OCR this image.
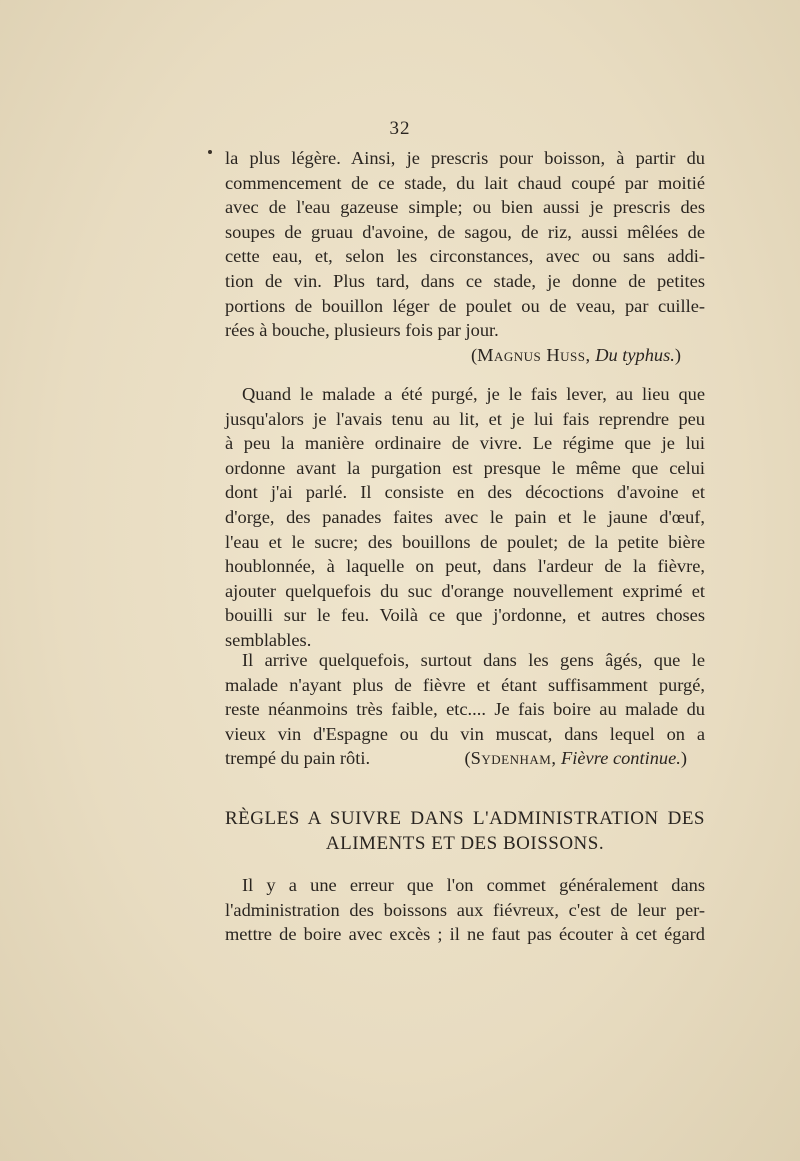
32
la plus légère. Ainsi, je prescris pour boisson, à partir du
commencement de ce stade, du lait chaud coupé par moitié
avec de l'eau gazeuse simple; ou bien aussi je prescris des
soupes de gruau d'avoine, de sagou, de riz, aussi mêlées de
cette eau, et, selon les circonstances, avec ou sans addi-
tion de vin. Plus tard, dans ce stade, je donne de petites
portions de bouillon léger de poulet ou de veau, par cuille-
rées à bouche, plusieurs fois par jour.
(Magnus Huss, Du typhus.)
Quand le malade a été purgé, je le fais lever, au lieu que
jusqu'alors je l'avais tenu au lit, et je lui fais reprendre peu
à peu la manière ordinaire de vivre. Le régime que je lui
ordonne avant la purgation est presque le même que celui
dont j'ai parlé. Il consiste en des décoctions d'avoine et
d'orge, des panades faites avec le pain et le jaune d'œuf,
l'eau et le sucre; des bouillons de poulet; de la petite bière
houblonnée, à laquelle on peut, dans l'ardeur de la fièvre,
ajouter quelquefois du suc d'orange nouvellement exprimé et
bouilli sur le feu. Voilà ce que j'ordonne, et autres choses
semblables.
Il arrive quelquefois, surtout dans les gens âgés, que le
malade n'ayant plus de fièvre et étant suffisamment purgé,
reste néanmoins très faible, etc.... Je fais boire au malade du
vieux vin d'Espagne ou du vin muscat, dans lequel on a
trempé du pain rôti.	(Sydenham, Fièvre continue.)
RÈGLES A SUIVRE DANS L'ADMINISTRATION DES
ALIMENTS ET DES BOISSONS.
Il y a une erreur que l'on commet généralement dans
l'administration des boissons aux fiévreux, c'est de leur per-
mettre de boire avec excès ; il ne faut pas écouter à cet égard
